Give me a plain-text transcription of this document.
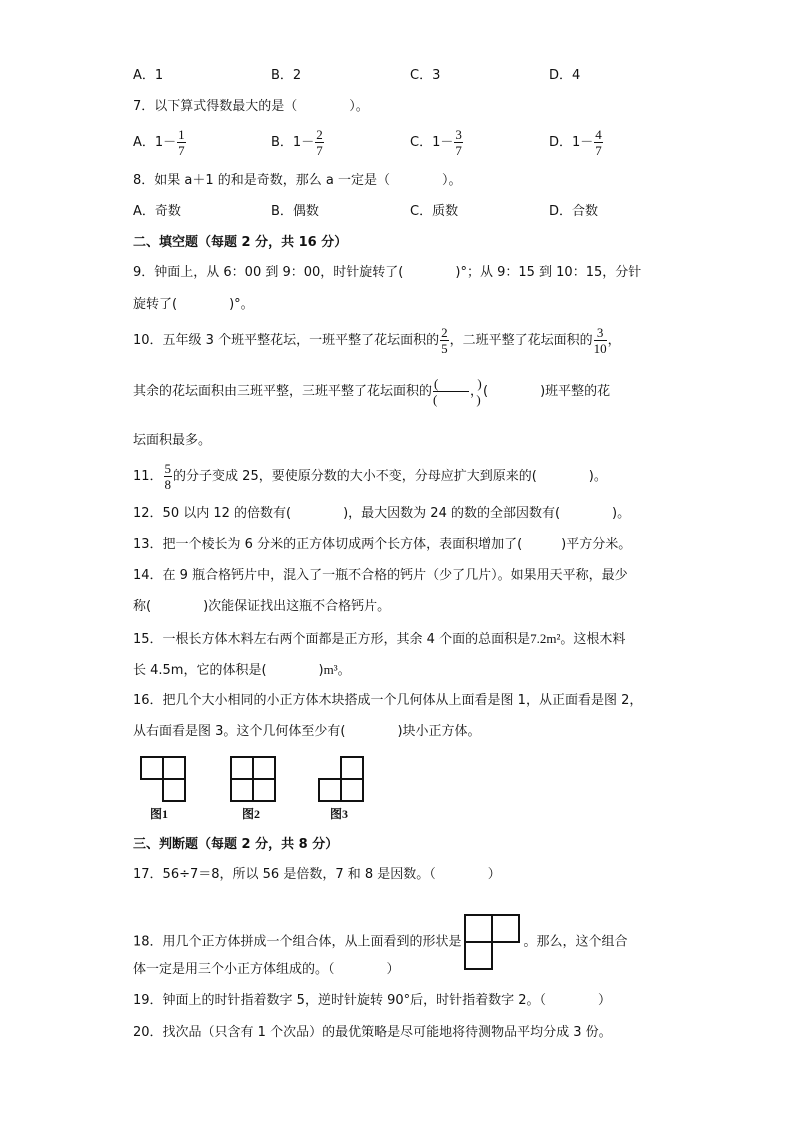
A．1	B．2	C．3	D．4
7．以下算式得数最大的是（　　　　）。
A．$1- \frac{1}{7}$	B．$1- \frac{2}{7}$	C．$1- \frac{3}{7}$	D．$1- \frac{4}{7}$
8．如果 a＋1 的和是奇数，那么 a 一定是（　　　　）。
A．奇数	B．偶数	C．质数	D．合数
二、填空题（每题 2 分，共 16 分）
9．钟面上，从 6：00 到 9：00，时针旋转了(　　　　)°；从 9：15 到 10：15，分针
旋转了(　　　　)°。
10．五年级 3 个班平整花坛，一班平整了花坛面积的 $\frac{2}{5}$ ，二班平整了花坛面积的 $\frac{3}{10}$ ，
其余的花坛面积由三班平整，三班平整了花坛面积的 $\frac{( )}{( )}$ ，(　　　　)班平整的花
坛面积最多。
11． $\frac{5}{8}$ 的分子变成 25，要使原分数的大小不变，分母应扩大到原来的(　　　　)。
12．50 以内 12 的倍数有(　　　　)，最大因数为 24 的数的全部因数有(　　　　)。
13．把一个棱长为 6 分米的正方体切成两个长方体，表面积增加了(　　　)平方分米。
14．在 9 瓶合格钙片中，混入了一瓶不合格的钙片（少了几片）。如果用天平称，最少
称(　　　　)次能保证找出这瓶不合格钙片。
15．一根长方体木料左右两个面都是正方形，其余 4 个面的总面积是7.2m²。这根木料
长 4.5m，它的体积是(　　　　)m³。
16．把几个大小相同的小正方体木块搭成一个几何体从上面看是图 1，从正面看是图 2，
从右面看是图 3。这个几何体至少有(　　　　)块小正方体。
图1	图2	图3
三、判断题（每题 2 分，共 8 分）
17．56÷7＝8，所以 56 是倍数，7 和 8 是因数。（　　　　）
18．用几个正方体拼成一个组合体，从上面看到的形状是	。那么，这个组合
体一定是用三个小正方体组成的。（　　　　）
19．钟面上的时针指着数字 5，逆时针旋转 90°后，时针指着数字 2。（　　　　）
20．找次品（只含有 1 个次品）的最优策略是尽可能地将待测物品平均分成 3 份。
